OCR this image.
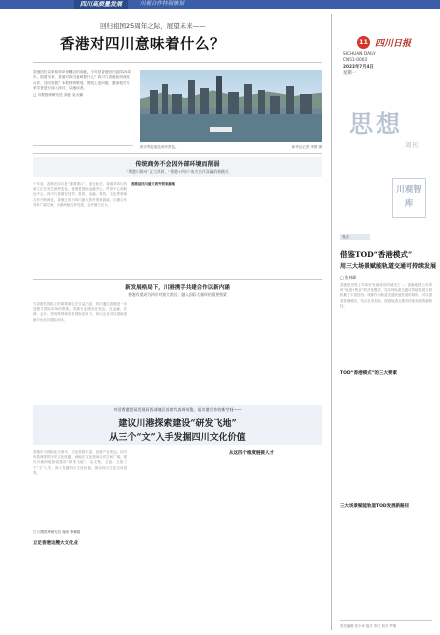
四川高质量发展	川观合作特别策划
回归祖国25周年之际，展望未来——
香港对四川意味着什么？
香港回归以来取得举世瞩目的成就。今年是香港回归祖国25周年，展望未来，香港对四川意味着什么？四川与香港如何深化合作、共同发展？本报特别策划，围绕上述问题，邀请相关专家学者进行深入探讨，以飨读者。
□ 川观智库研究员 刘佳 吴大娜
维多利亚港及两岸景色。	新华社记者 李钢 摄
传统商务不会因外部环境而削弱
“粤港川联动”正当其时，“香港+四川”成为合作双赢的新模式
十年前，香港在四川是“重要窗口”，而在此后，香港对四川的意义正在发生深刻变化。香港是国际金融中心、贸易中心和航运中心，四川与香港在经贸、投资、金融、科技、文化等领域合作不断深化，香港已成为四川最大的外资来源地。川港合作具有广阔空间，川港两地互补性强，合作潜力巨大。
香港是四川最大的外资来源地
新发展格局下，川港携手共建合作以新内涵
香港有望成为四川对接大湾区、融入国际大循环的重要桥梁
当香港在国际上的重要地位正日益凸显，四川通过香港进一步加强与国际市场的联系。香港专业服务业发达，在金融、法律、会计、咨询等领域具有国际竞争力，四川企业可以借助香港平台走向国际市场。
对话香港贸易发展局西部地区首席代表周英俊，谈川港合作的新空间——
建议川港探索建设“研发飞地”
从三个“文”入手发掘四川文化价值
香港作为国际化大都市，文化资源丰富，创意产业发达。四川有着深厚的历史文化底蕴，两地在文化领域合作空间广阔。建议川港两地探索建设“研发飞地”，从文物、文创、文旅三个“文”入手，深入发掘四川文化价值，推动四川文化走向世界。
□ 川观智库研究员 周雨 李佩娟
立足香港这艘大文化业
从这四个维度链接人才
11 四川日报
SICHUAN DAILY
CN51-0003
2022年7月4日
星期一
思想
周刊
川观智库
观点
借鉴TOD“香港模式”
用三大场景赋能轨道交通可持续发展
□ 张林峰
香港是世界上TOD开发最成功的城市之一。香港地铁公司采用“轨道+物业”的开发模式，在实现轨道交通可持续发展方面积累了丰富经验。成都作为轨道交通快速发展的城市，可以借鉴香港模式，结合自身实际，探索轨道交通可持续发展的新路径。
TOD“香港模式”的三大要素
三大场景赋能轨道TOD发展新路径
责任编辑 张小米 版式 李江 校对 罗明
